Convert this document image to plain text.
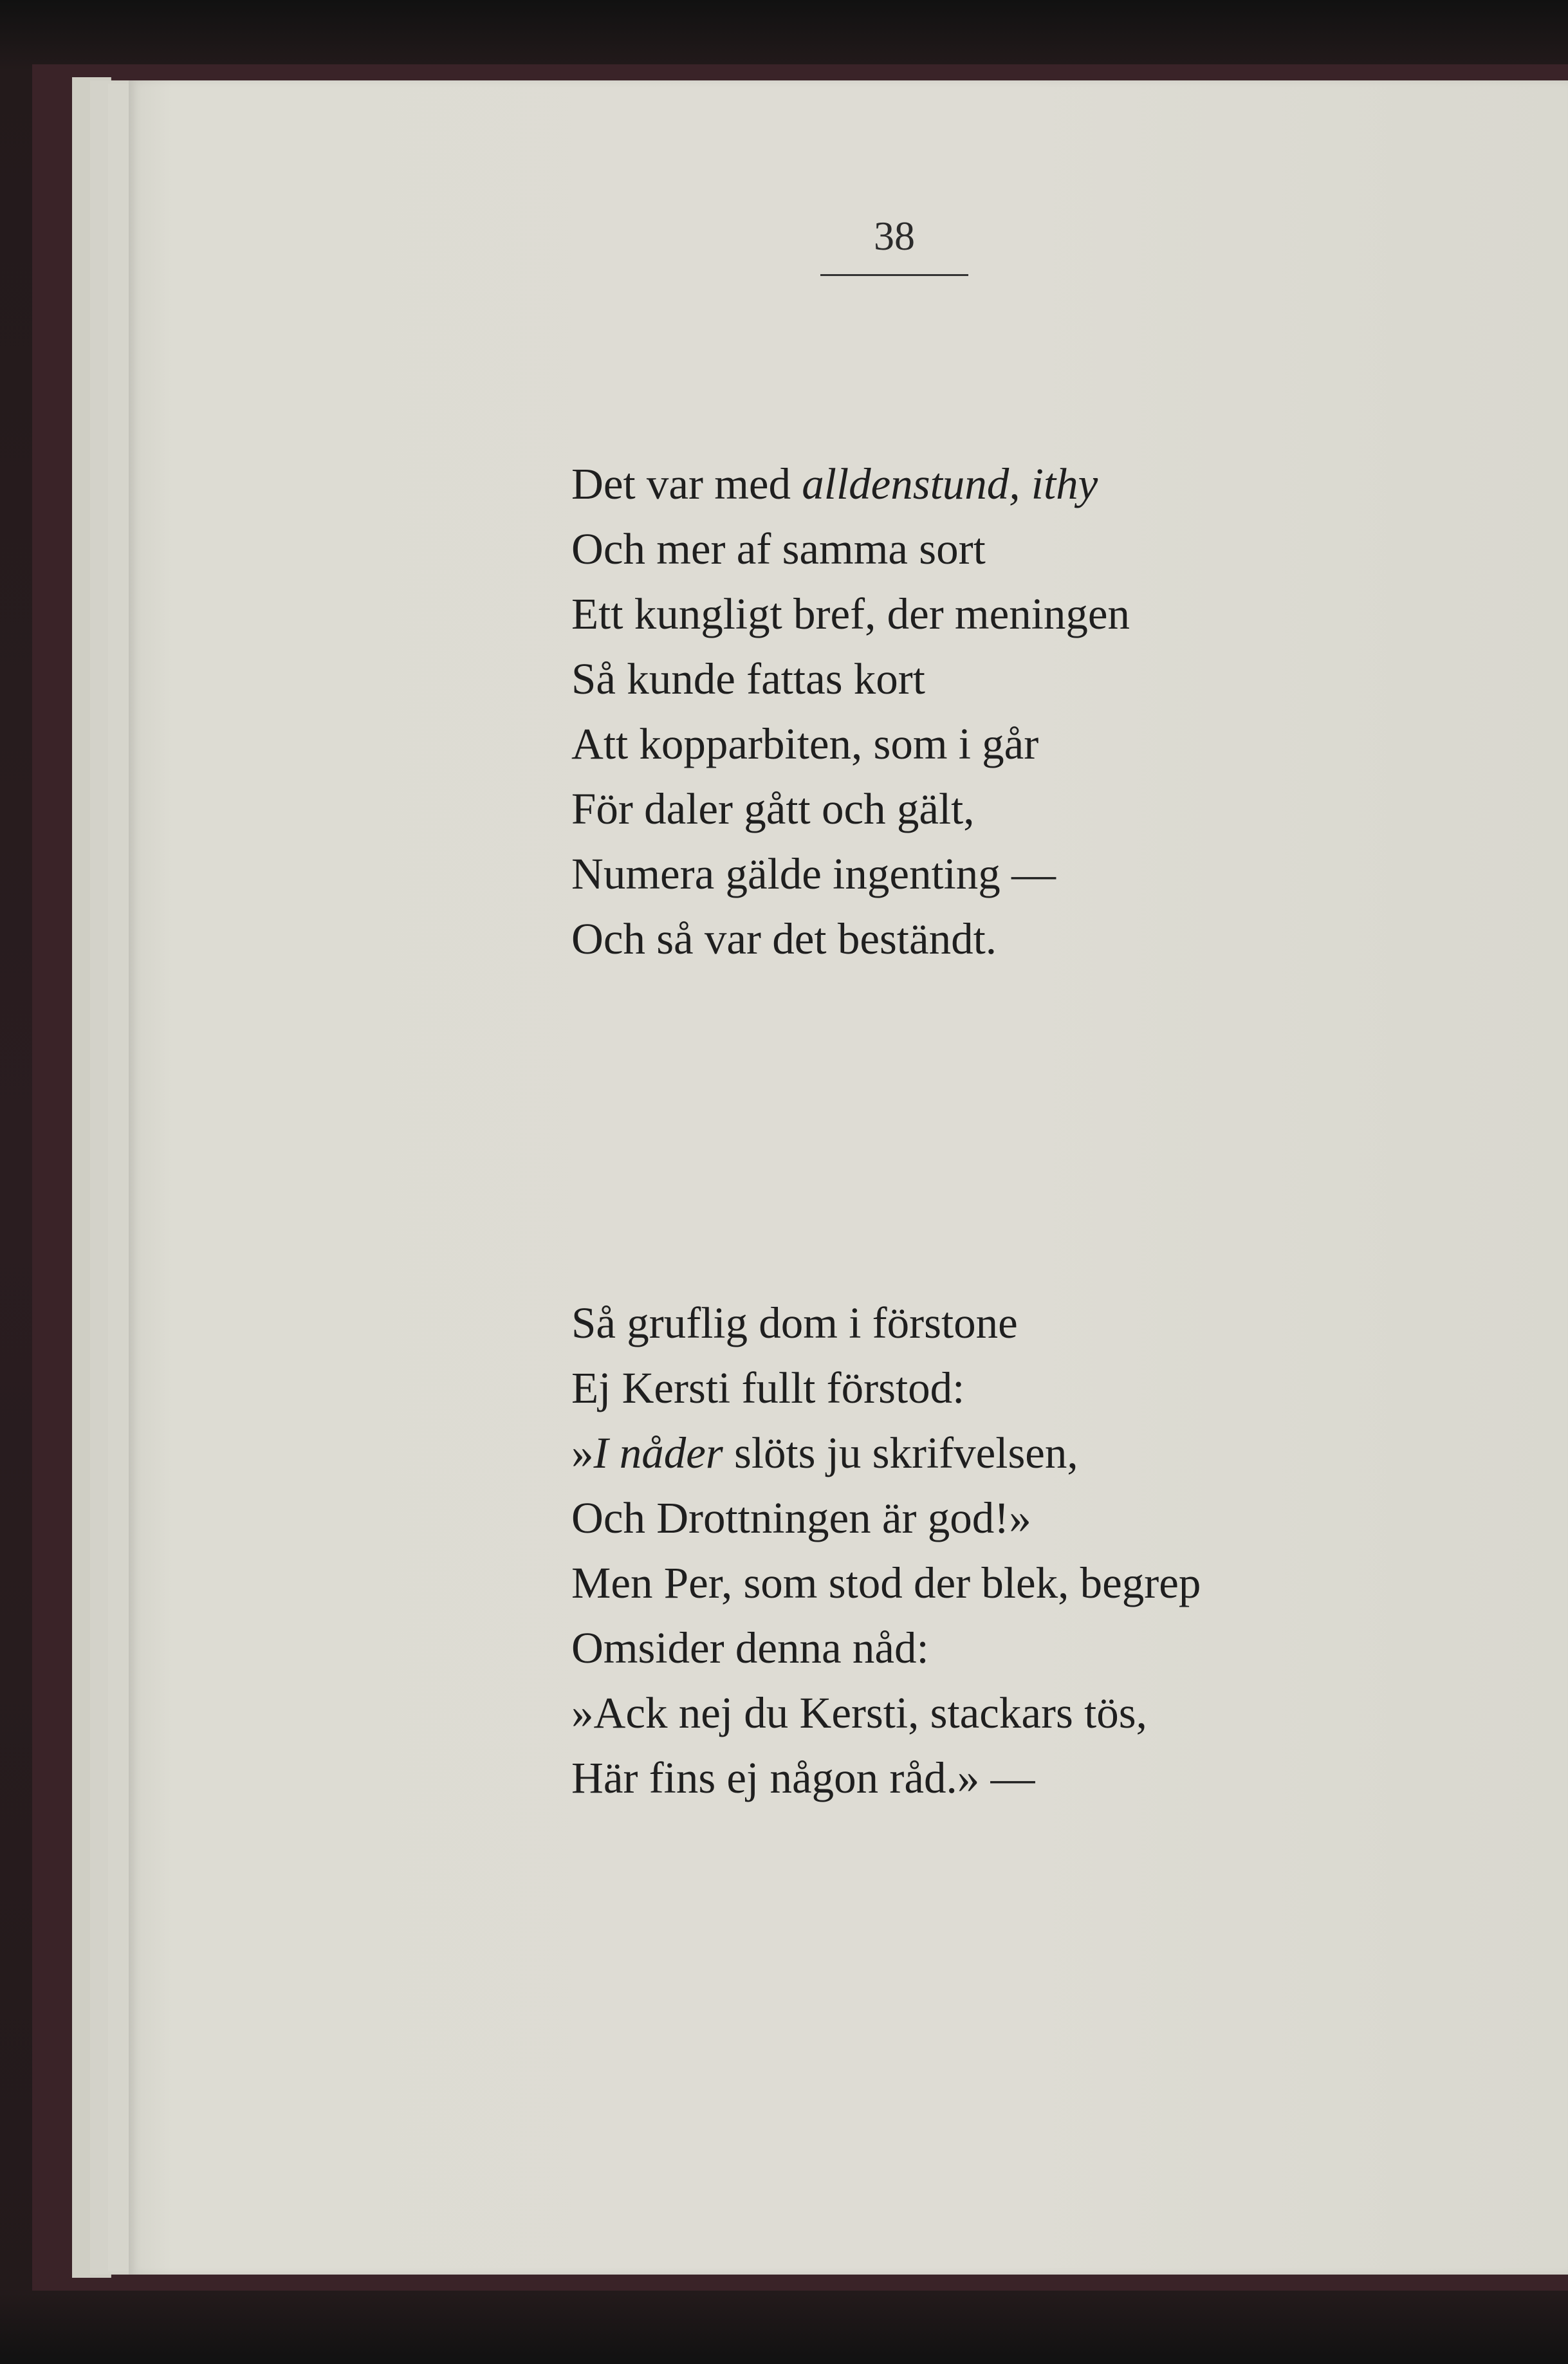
38
Det var med alldenstund, ithy
Och mer af samma sort
Ett kungligt bref, der meningen
Så kunde fattas kort
Att kopparbiten, som i går
För daler gått och gält,
Numera gälde ingenting —
Och så var det beständt.
Så gruflig dom i förstone
Ej Kersti fullt förstod:
»I nåder slöts ju skrifvelsen,
Och Drottningen är god!»
Men Per, som stod der blek, begrep
Omsider denna nåd:
»Ack nej du Kersti, stackars tös,
Här fins ej någon råd.» —
